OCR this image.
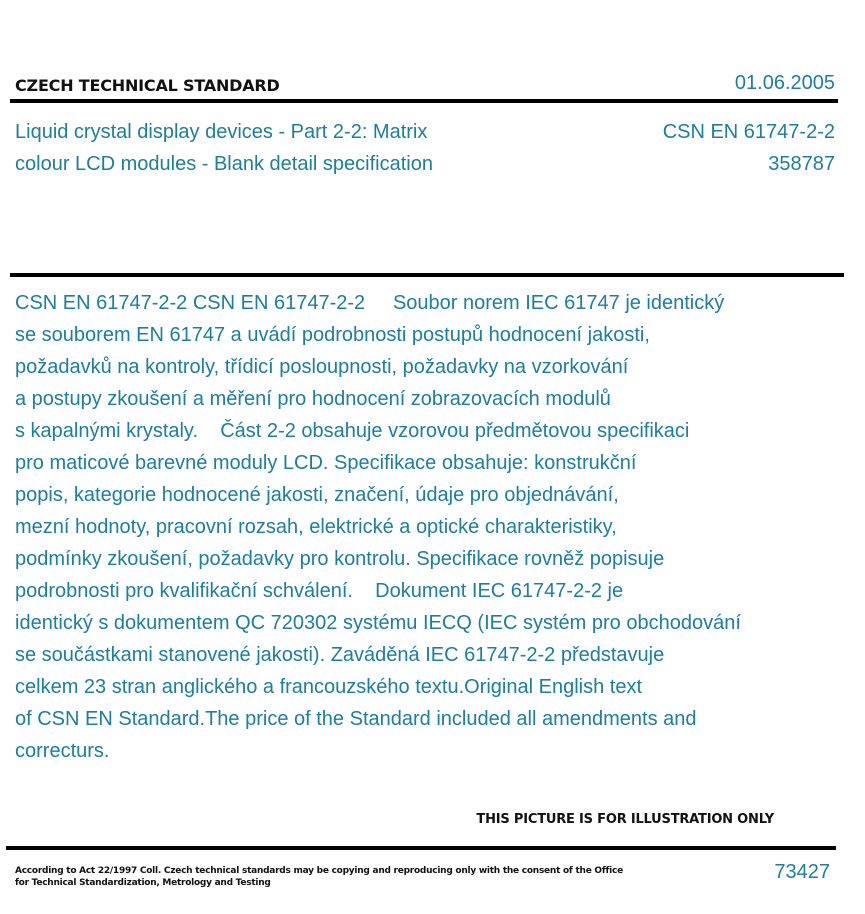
CZECH TECHNICAL STANDARD	01.06.2005
Liquid crystal display devices - Part 2-2: Matrix
colour LCD modules - Blank detail specification
CSN EN 61747-2-2
358787
CSN EN 61747-2-2 CSN EN 61747-2-2     Soubor norem IEC 61747 je identický
se souborem EN 61747 a uvádí podrobnosti postupů hodnocení jakosti,
požadavků na kontroly, třídicí posloupnosti, požadavky na vzorkování
a postupy zkoušení a měření pro hodnocení zobrazovacích modulů
s kapalnými krystaly.    Část 2-2 obsahuje vzorovou předmětovou specifikaci
pro maticové barevné moduly LCD. Specifikace obsahuje: konstrukční
popis, kategorie hodnocené jakosti, značení, údaje pro objednávání,
mezní hodnoty, pracovní rozsah, elektrické a optické charakteristiky,
podmínky zkoušení, požadavky pro kontrolu. Specifikace rovněž popisuje
podrobnosti pro kvalifikační schválení.    Dokument IEC 61747-2-2 je
identický s dokumentem QC 720302 systému IECQ (IEC systém pro obchodování
se součástkami stanovené jakosti). Zaváděná IEC 61747-2-2 představuje
celkem 23 stran anglického a francouzského textu.Original English text
of CSN EN Standard.The price of the Standard included all amendments and
correcturs.
THIS PICTURE IS FOR ILLUSTRATION ONLY
According to Act 22/1997 Coll. Czech technical standards may be copying and reproducing only with the consent of the Office
for Technical Standardization, Metrology and Testing	73427
